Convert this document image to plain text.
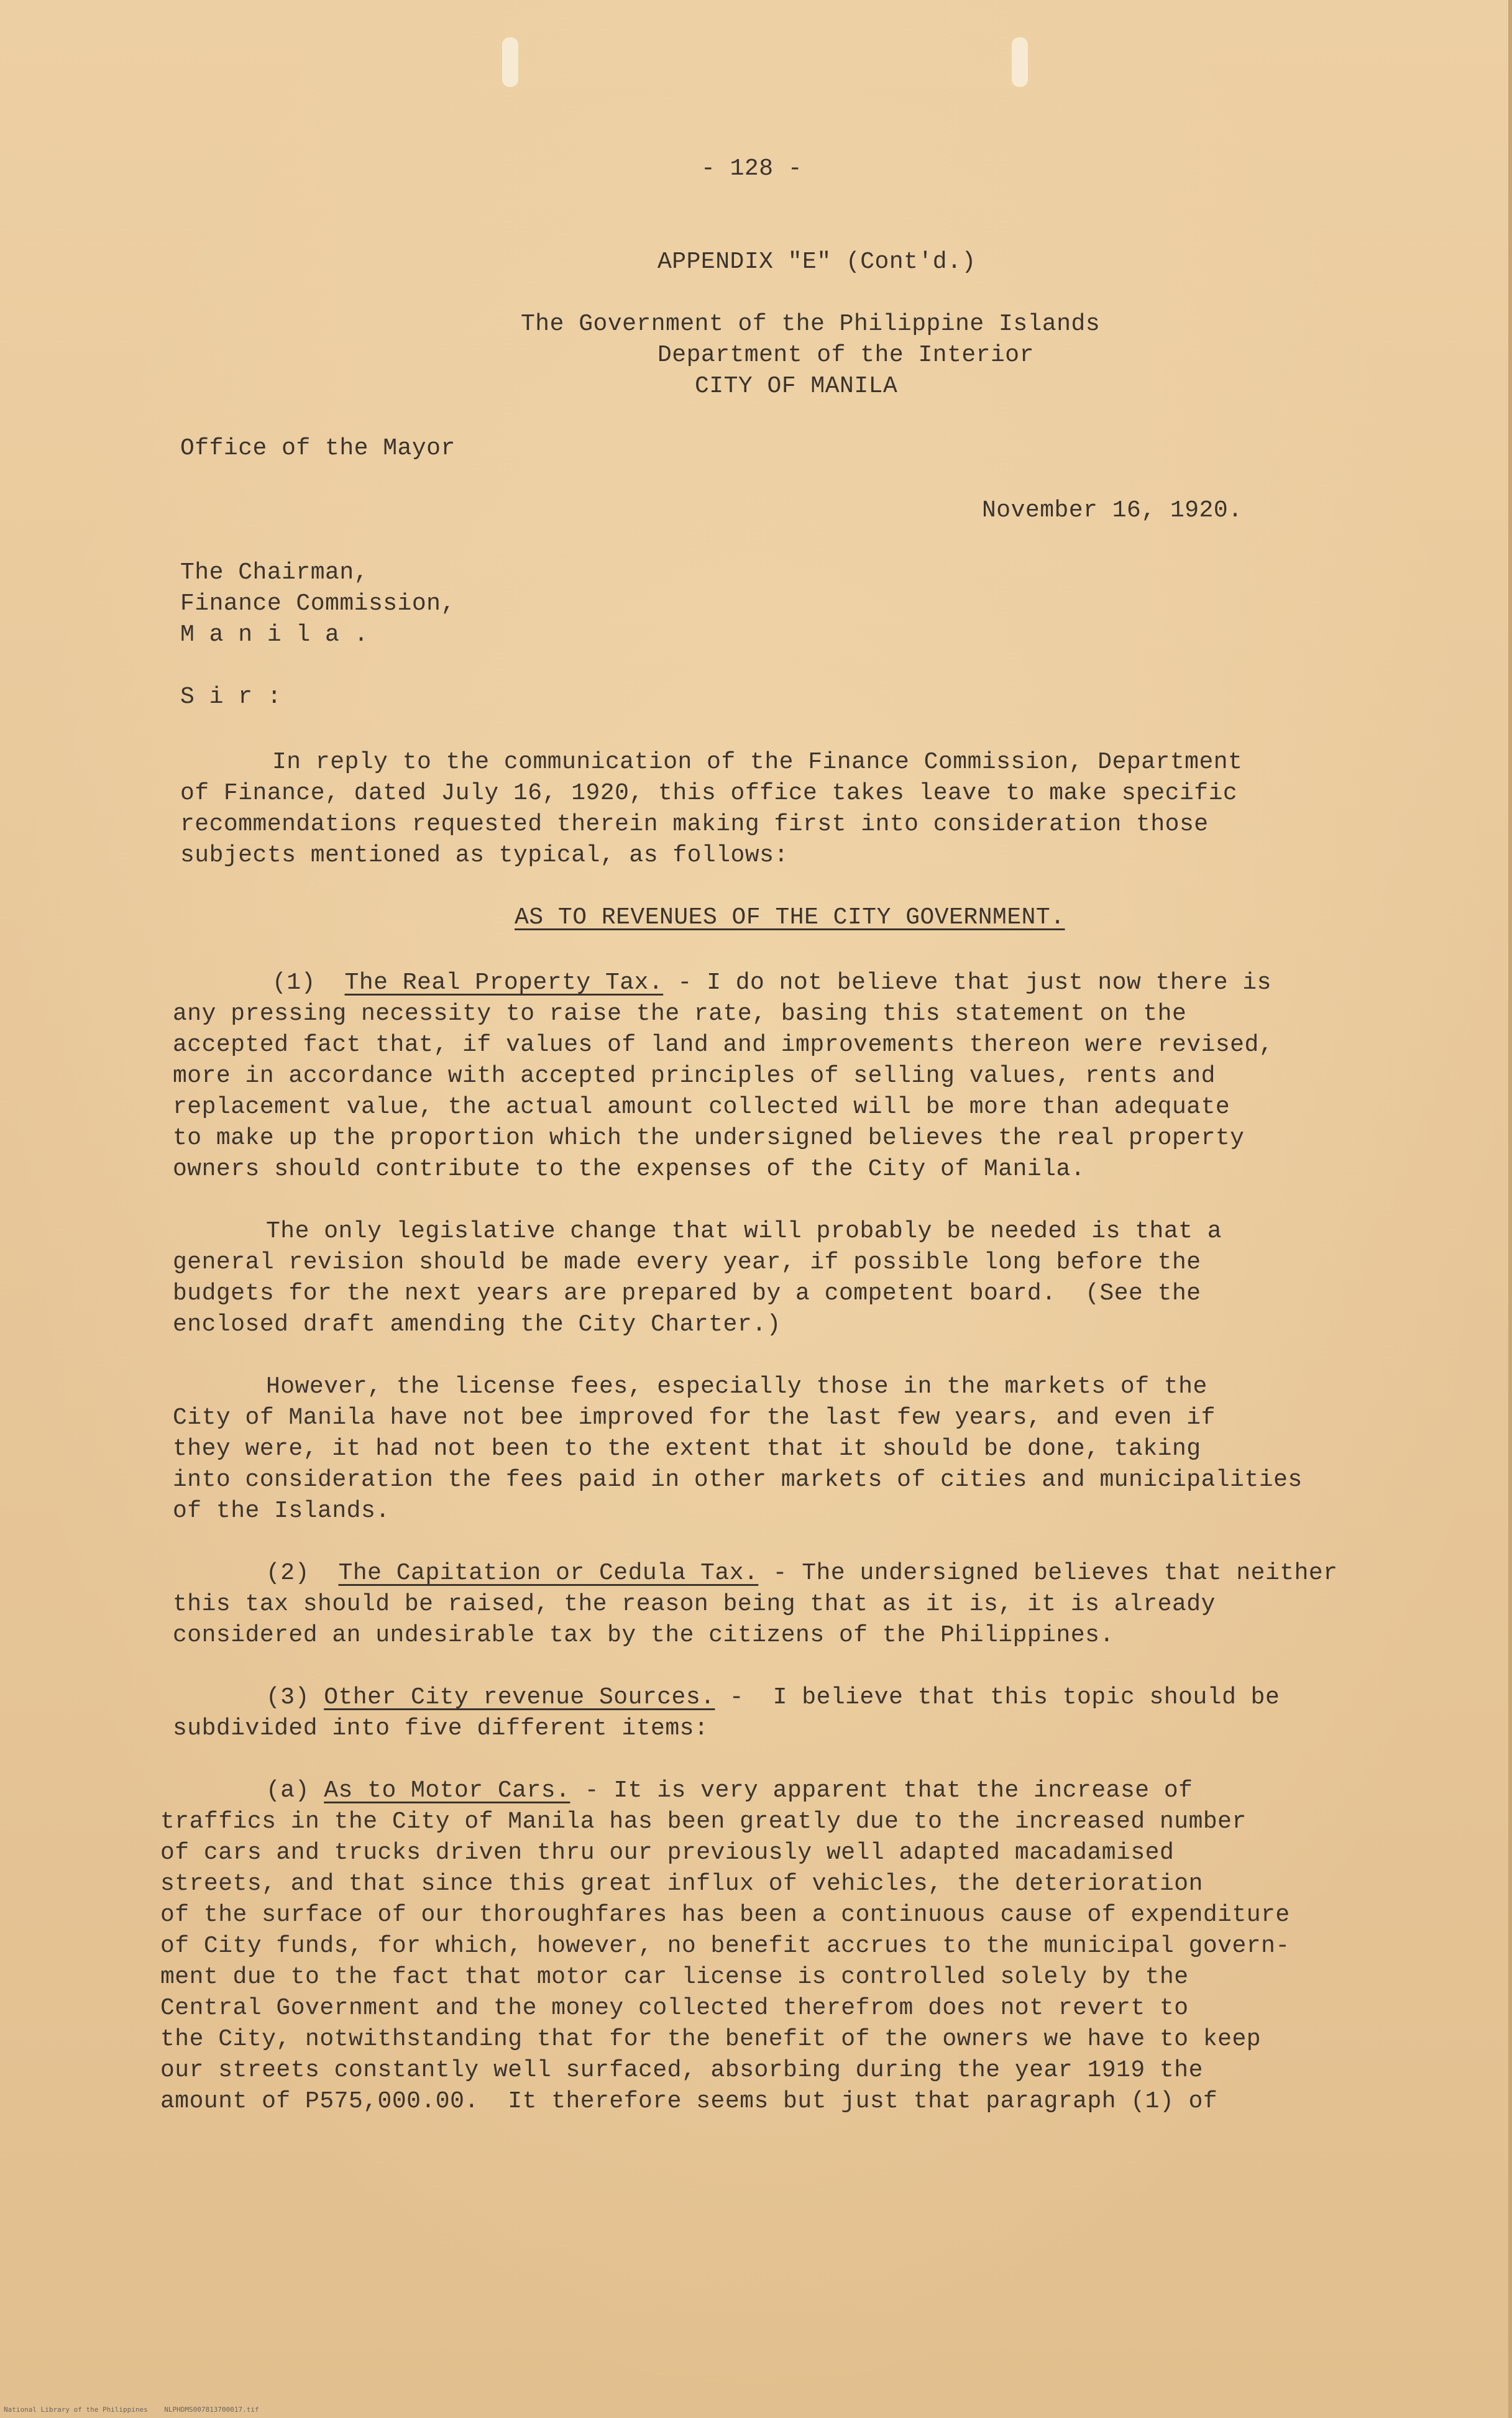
- 128 -
APPENDIX "E" (Cont'd.)
The Government of the Philippine Islands
Department of the Interior
CITY OF MANILA
Office of the Mayor
November 16, 1920.
The Chairman,
Finance Commission,
M a n i l a .
S i r :
In reply to the communication of the Finance Commission, Department
of Finance, dated July 16, 1920, this office takes leave to make specific
recommendations requested therein making first into consideration those
subjects mentioned as typical, as follows:
AS TO REVENUES OF THE CITY GOVERNMENT.
(1) The Real Property Tax. - I do not believe that just now there is
any pressing necessity to raise the rate, basing this statement on the
accepted fact that, if values of land and improvements thereon were revised,
more in accordance with accepted principles of selling values, rents and
replacement value, the actual amount collected will be more than adequate
to make up the proportion which the undersigned believes the real property
owners should contribute to the expenses of the City of Manila.
The only legislative change that will probably be needed is that a
general revision should be made every year, if possible long before the
budgets for the next years are prepared by a competent board.  (See the
enclosed draft amending the City Charter.)
However, the license fees, especially those in the markets of the
City of Manila have not bee improved for the last few years, and even if
they were, it had not been to the extent that it should be done, taking
into consideration the fees paid in other markets of cities and municipalities
of the Islands.
(2) The Capitation or Cedula Tax. - The undersigned believes that neither
this tax should be raised, the reason being that as it is, it is already
considered an undesirable tax by the citizens of the Philippines.
(3) Other City revenue Sources. -  I believe that this topic should be
subdivided into five different items:
(a) As to Motor Cars. - It is very apparent that the increase of
traffics in the City of Manila has been greatly due to the increased number
of cars and trucks driven thru our previously well adapted macadamised
streets, and that since this great influx of vehicles, the deterioration
of the surface of our thoroughfares has been a continuous cause of expenditure
of City funds, for which, however, no benefit accrues to the municipal govern-
ment due to the fact that motor car license is controlled solely by the
Central Government and the money collected therefrom does not revert to
the City, notwithstanding that for the benefit of the owners we have to keep
our streets constantly well surfaced, absorbing during the year 1919 the
amount of P575,000.00.  It therefore seems but just that paragraph (1) of
National Library of the Philippines    NLPHDMS007813700017.tif
